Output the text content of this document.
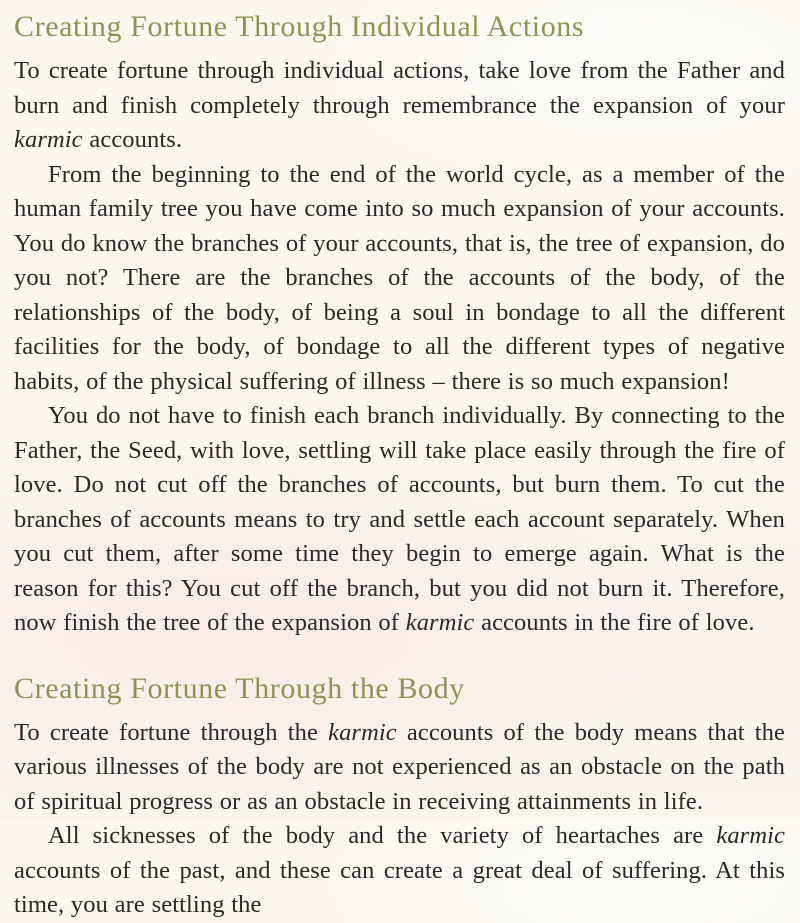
Creating Fortune Through Individual Actions

To create fortune through individual actions, take love from the Father and burn and finish completely through remembrance the expansion of your karmic accounts.

From the beginning to the end of the world cycle, as a member of the human family tree you have come into so much expansion of your accounts. You do know the branches of your accounts, that is, the tree of expansion, do you not? There are the branches of the accounts of the body, of the relationships of the body, of being a soul in bondage to all the different facilities for the body, of bondage to all the different types of negative habits, of the physical suffering of illness – there is so much expansion!

You do not have to finish each branch individually. By connecting to the Father, the Seed, with love, settling will take place easily through the fire of love. Do not cut off the branches of accounts, but burn them. To cut the branches of accounts means to try and settle each account separately. When you cut them, after some time they begin to emerge again. What is the reason for this? You cut off the branch, but you did not burn it. Therefore, now finish the tree of the expansion of karmic accounts in the fire of love.

Creating Fortune Through the Body

To create fortune through the karmic accounts of the body means that the various illnesses of the body are not experienced as an obstacle on the path of spiritual progress or as an obstacle in receiving attainments in life.

All sicknesses of the body and the variety of heartaches are karmic accounts of the past, and these can create a great deal of suffering. At this time, you are settling the
